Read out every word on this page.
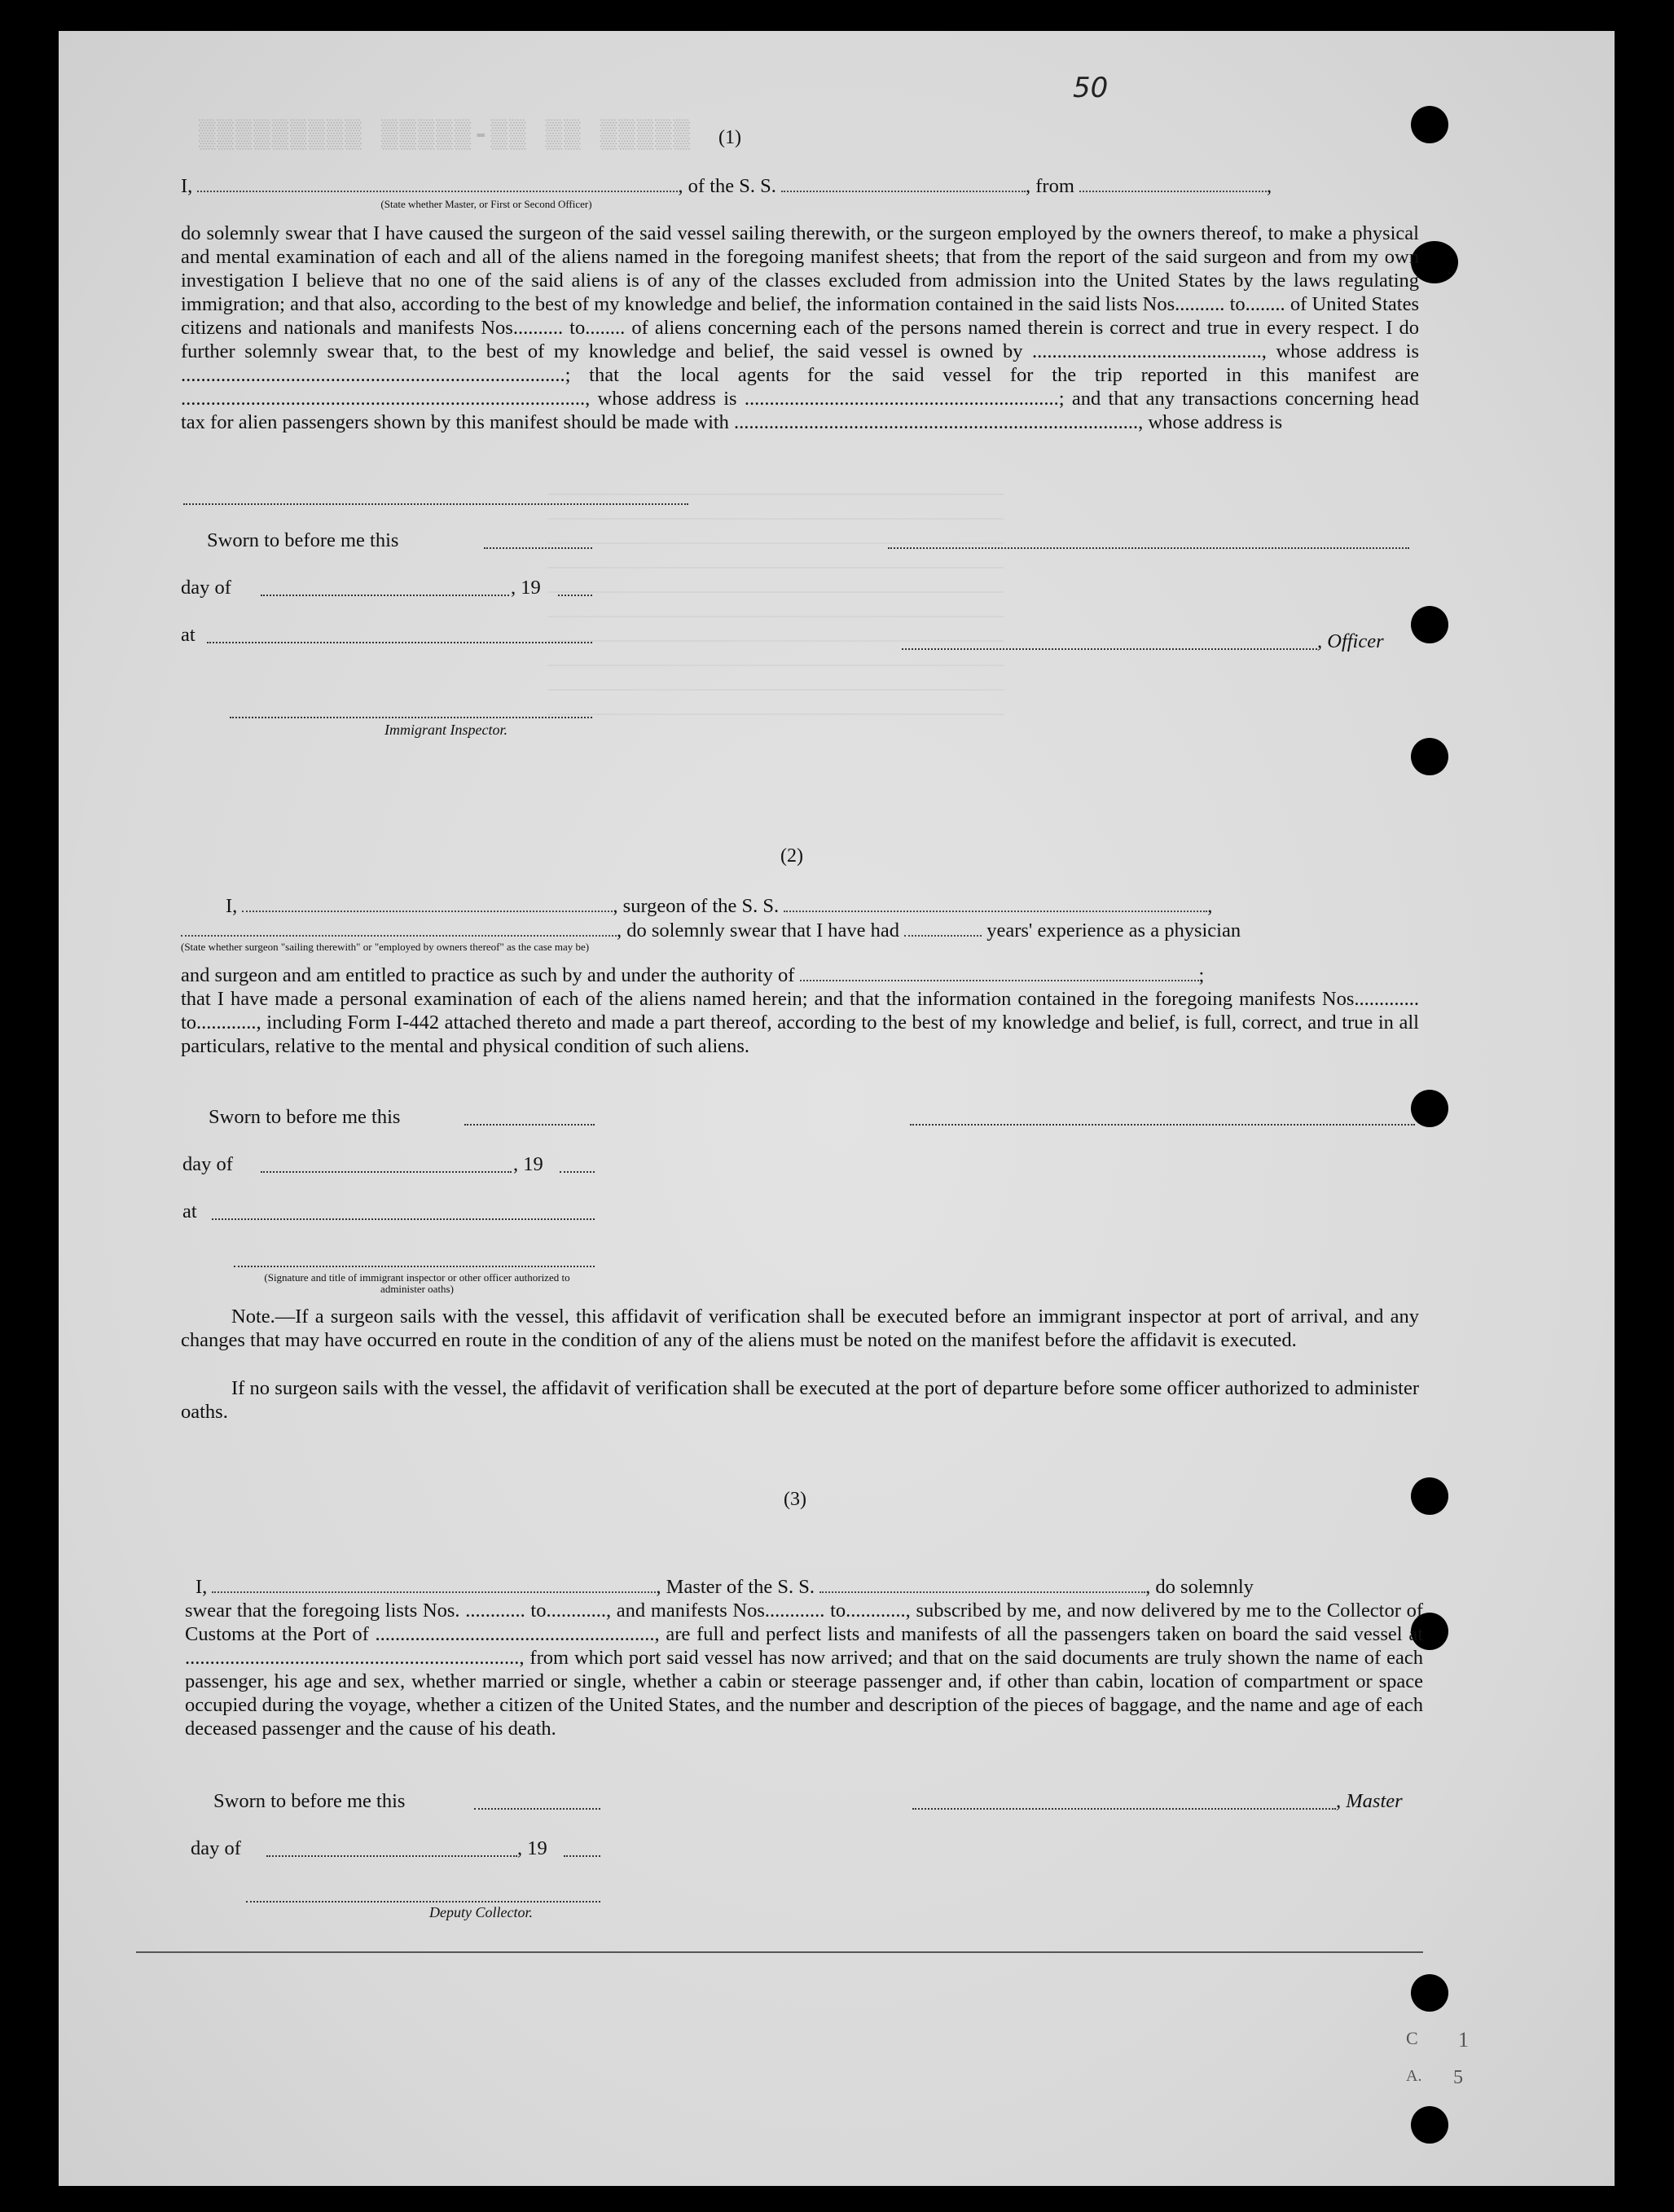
▒▒▒▒▒ ▒▒ ▒▒-▒▒▒▒▒ ▒▒▒▒▒▒▒▒▒
50
(1)
I,	, of the S. S.	, from	,
(State whether Master, or First or Second Officer)
do solemnly swear that I have caused the surgeon of the said vessel sailing therewith, or the surgeon employed by the owners thereof, to make a physical and mental examination of each and all of the aliens named in the foregoing manifest sheets; that from the report of the said surgeon and from my own investigation I believe that no one of the said aliens is of any of the classes excluded from admission into the United States by the laws regulating immigration; and that also, according to the best of my knowledge and belief, the information contained in the said lists Nos.......... to........ of United States citizens and nationals and manifests Nos.......... to........ of aliens concerning each of the persons named therein is correct and true in every respect. I do further solemnly swear that, to the best of my knowledge and belief, the said vessel is owned by .............................................., whose address is .............................................................................; that the local agents for the said vessel for the trip reported in this manifest are ................................................................................., whose address is ...............................................................; and that any transactions concerning head tax for alien passengers shown by this manifest should be made with ................................................................................., whose address is
Sworn to before me this
day of	, 19
, Officer
at
Immigrant Inspector.
(2)
I,	, surgeon of the S. S.	,
, do solemnly swear that I have had	years' experience as a physician
(State whether surgeon "sailing therewith" or "employed by owners thereof" as the case may be)
and surgeon and am entitled to practice as such by and under the authority of	;
that I have made a personal examination of each of the aliens named herein; and that the information contained in the foregoing manifests Nos............. to............, including Form I-442 attached thereto and made a part thereof, according to the best of my knowledge and belief, is full, correct, and true in all particulars, relative to the mental and physical condition of such aliens.
Sworn to before me this
day of	, 19
at
(Signature and title of immigrant inspector or other officer authorized to administer oaths)
Note.—If a surgeon sails with the vessel, this affidavit of verification shall be executed before an immigrant inspector at port of arrival, and any changes that may have occurred en route in the condition of any of the aliens must be noted on the manifest before the affidavit is executed.
If no surgeon sails with the vessel, the affidavit of verification shall be executed at the port of departure before some officer authorized to administer oaths.
(3)
I,	, Master of the S. S.	, do solemnly
swear that the foregoing lists Nos. ............ to............, and manifests Nos............ to............, subscribed by me, and now delivered by me to the Collector of Customs at the Port of ........................................................, are full and perfect lists and manifests of all the passengers taken on board the said vessel at ..................................................................., from which port said vessel has now arrived; and that on the said documents are truly shown the name of each passenger, his age and sex, whether married or single, whether a cabin or steerage passenger and, if other than cabin, location of compartment or space occupied during the voyage, whether a citizen of the United States, and the number and description of the pieces of baggage, and the name and age of each deceased passenger and the cause of his death.
Sworn to before me this	, Master
day of	, 19
Deputy Collector.
1
C
5
A.
